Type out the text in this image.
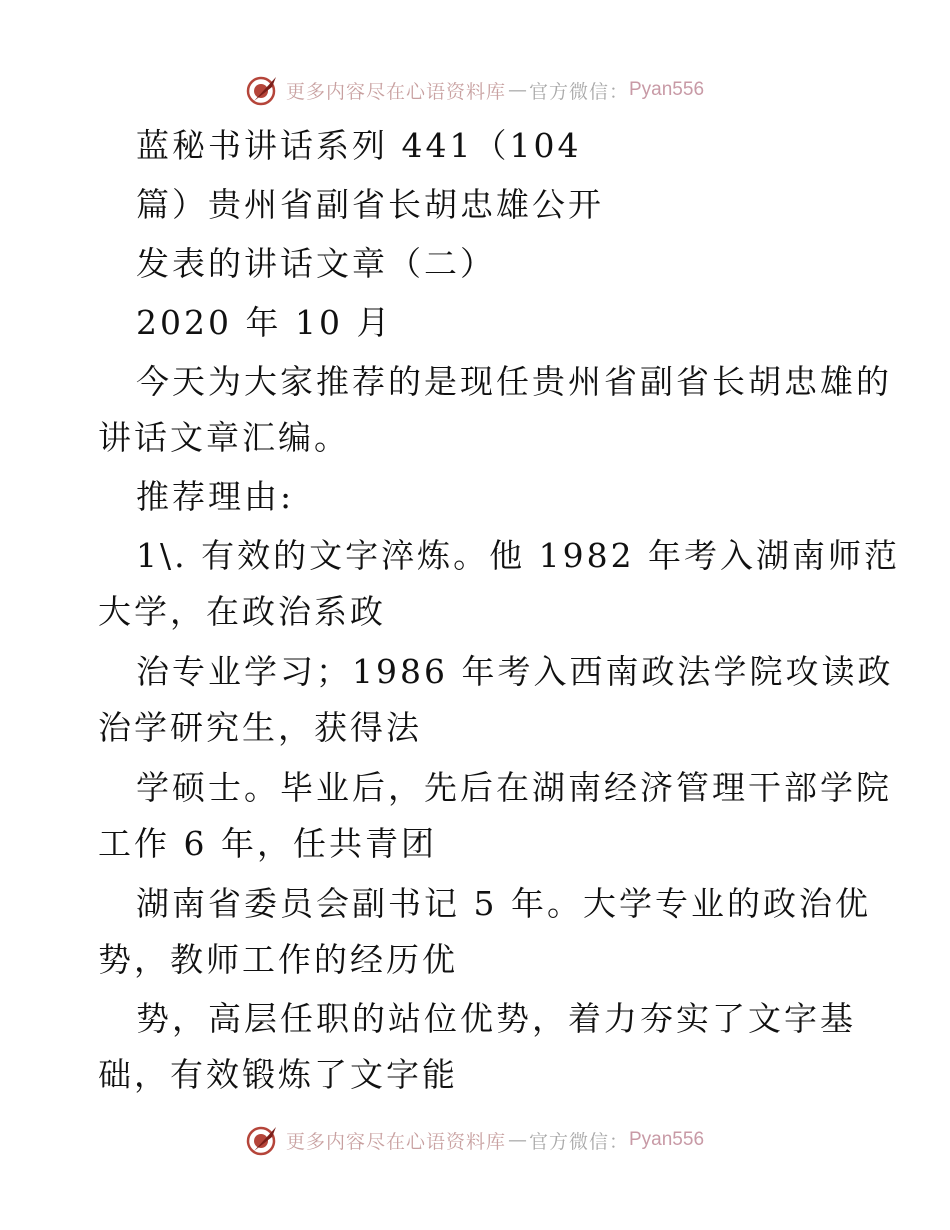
更多内容尽在心语资料库 — 官方微信： Pyan556

蓝秘书讲话系列 441（104

篇）贵州省副省长胡忠雄公开

发表的讲话文章（二）

2020 年 10 月

今天为大家推荐的是现任贵州省副省长胡忠雄的

讲话文章汇编。

推荐理由:

1\. 有效的文字淬炼。他 1982 年考入湖南师范

大学，在政治系政

治专业学习；1986 年考入西南政法学院攻读政

治学研究生，获得法

学硕士。毕业后，先后在湖南经济管理干部学院

工作 6 年，任共青团

湖南省委员会副书记 5 年。大学专业的政治优

势，教师工作的经历优

势，高层任职的站位优势，着力夯实了文字基

础，有效锻炼了文字能

更多内容尽在心语资料库 — 官方微信： Pyan556
